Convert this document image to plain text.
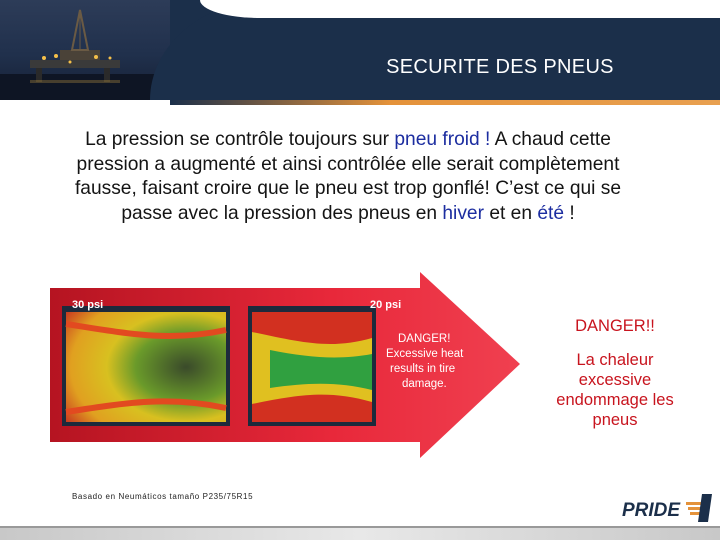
SECURITE DES PNEUS
La pression se contrôle toujours sur pneu froid ! A chaud cette pression a augmenté et ainsi contrôlée elle serait complètement fausse, faisant croire que le pneu est trop gonflé! C’est ce qui se passe avec la pression des pneus en hiver et en été !
30 psi	20 psi
DANGER!
Excessive heat
results in tire
damage.
based on tires size P235/75R15
Basado en Neumáticos tamaño P235/75R15
DANGER!!
La chaleur excessive endommage les pneus
PRIDE
